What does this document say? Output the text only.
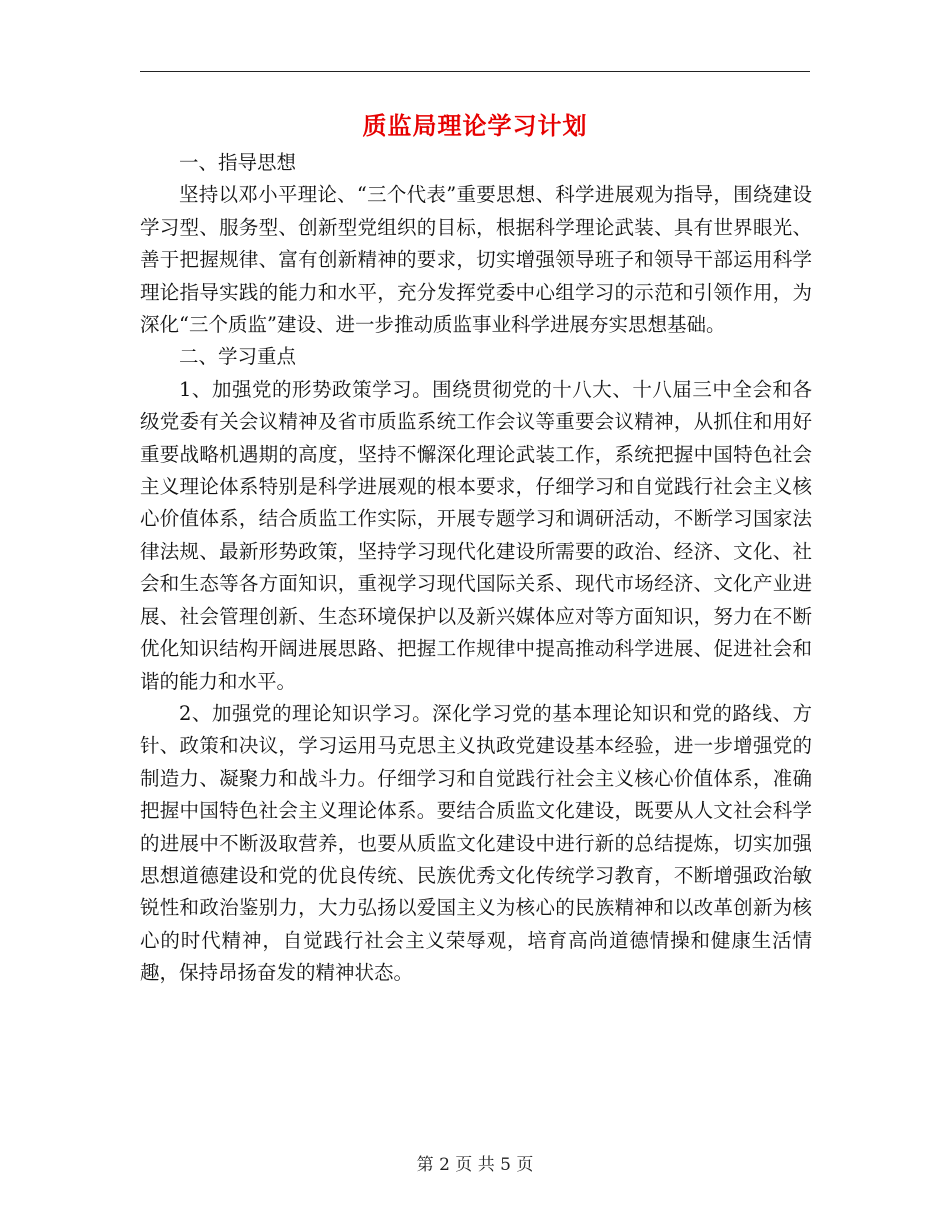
质监局理论学习计划

一、指导思想

坚持以邓小平理论、“三个代表”重要思想、科学进展观为指导，围绕建设学习型、服务型、创新型党组织的目标，根据科学理论武装、具有世界眼光、善于把握规律、富有创新精神的要求，切实增强领导班子和领导干部运用科学理论指导实践的能力和水平，充分发挥党委中心组学习的示范和引领作用，为深化“三个质监”建设、进一步推动质监事业科学进展夯实思想基础。

二、学习重点

1、加强党的形势政策学习。围绕贯彻党的十八大、十八届三中全会和各级党委有关会议精神及省市质监系统工作会议等重要会议精神，从抓住和用好重要战略机遇期的高度，坚持不懈深化理论武装工作，系统把握中国特色社会主义理论体系特别是科学进展观的根本要求，仔细学习和自觉践行社会主义核心价值体系，结合质监工作实际，开展专题学习和调研活动，不断学习国家法律法规、最新形势政策，坚持学习现代化建设所需要的政治、经济、文化、社会和生态等各方面知识，重视学习现代国际关系、现代市场经济、文化产业进展、社会管理创新、生态环境保护以及新兴媒体应对等方面知识，努力在不断优化知识结构开阔进展思路、把握工作规律中提高推动科学进展、促进社会和谐的能力和水平。

2、加强党的理论知识学习。深化学习党的基本理论知识和党的路线、方针、政策和决议，学习运用马克思主义执政党建设基本经验，进一步增强党的制造力、凝聚力和战斗力。仔细学习和自觉践行社会主义核心价值体系，准确把握中国特色社会主义理论体系。要结合质监文化建设，既要从人文社会科学的进展中不断汲取营养，也要从质监文化建设中进行新的总结提炼，切实加强思想道德建设和党的优良传统、民族优秀文化传统学习教育，不断增强政治敏锐性和政治鉴别力，大力弘扬以爱国主义为核心的民族精神和以改革创新为核心的时代精神，自觉践行社会主义荣辱观，培育高尚道德情操和健康生活情趣，保持昂扬奋发的精神状态。

第 2 页 共 5 页
